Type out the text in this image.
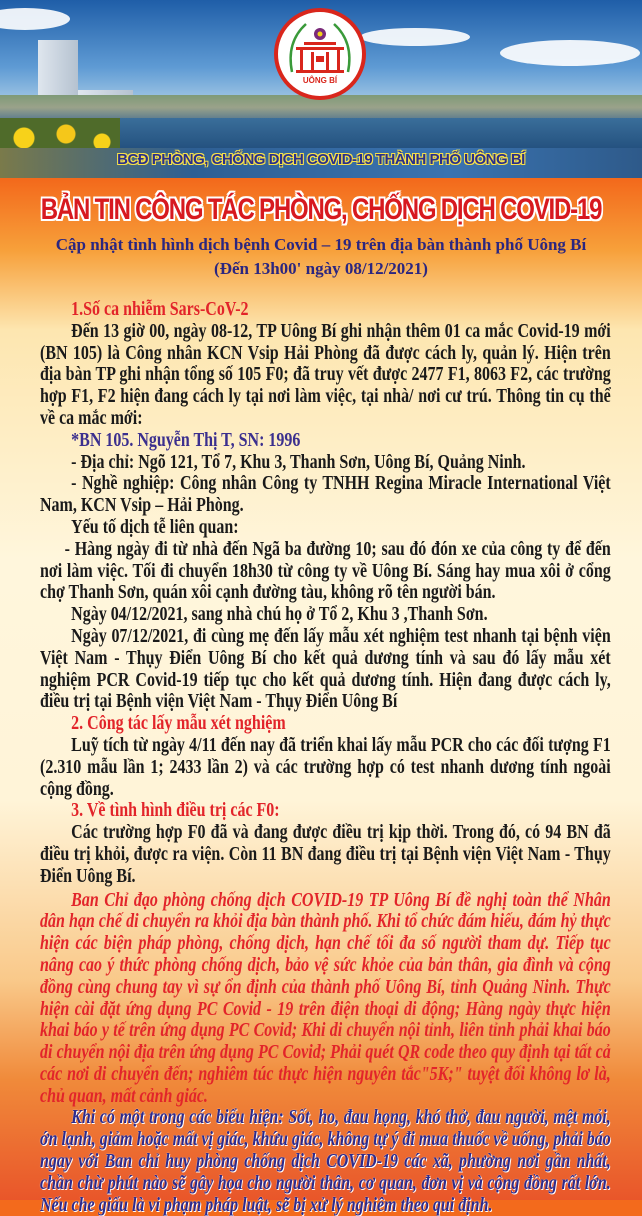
UÔNG BÍ
BCĐ PHÒNG, CHỐNG DỊCH COVID-19 THÀNH PHỐ UÔNG BÍ
BẢN TIN CÔNG TÁC PHÒNG, CHỐNG DỊCH COVID-19
Cập nhật tình hình dịch bệnh Covid – 19 trên địa bàn thành phố Uông Bí
(Đến 13h00' ngày 08/12/2021)

1.Số ca nhiễm Sars-CoV-2

Đến 13 giờ 00, ngày 08-12, TP Uông Bí ghi nhận thêm 01 ca mắc Covid-19 mới (BN 105) là Công nhân KCN Vsip Hải Phòng đã được cách ly, quản lý. Hiện trên địa bàn TP ghi nhận tổng số 105 F0; đã truy vết được 2477 F1, 8063 F2, các trường hợp F1, F2 hiện đang cách ly tại nơi làm việc, tại nhà/ nơi cư trú. Thông tin cụ thể về ca mắc mới:

*BN 105. Nguyễn Thị T, SN: 1996

- Địa chỉ: Ngõ 121, Tổ 7, Khu 3, Thanh Sơn, Uông Bí, Quảng Ninh.

- Nghề nghiệp: Công nhân Công ty TNHH Regina Miracle International Việt Nam, KCN Vsip – Hải Phòng.

Yếu tố dịch tễ liên quan:

- Hàng ngày đi từ nhà đến Ngã ba đường 10; sau đó đón xe của công ty để đến nơi làm việc. Tối đi chuyển 18h30 từ công ty về Uông Bí. Sáng hay mua xôi ở cổng chợ Thanh Sơn, quán xôi cạnh đường tàu, không rõ tên người bán.

Ngày 04/12/2021, sang nhà chú họ ở Tổ 2, Khu 3 ,Thanh Sơn.

Ngày 07/12/2021, đi cùng mẹ đến lấy mẫu xét nghiệm test nhanh tại bệnh viện Việt Nam - Thụy Điển Uông Bí cho kết quả dương tính và sau đó lấy mẫu xét nghiệm PCR Covid-19 tiếp tục cho kết quả dương tính. Hiện đang được cách ly, điều trị tại Bệnh viện Việt Nam - Thụy Điển Uông Bí

2. Công tác lấy mẫu xét nghiệm

Luỹ tích từ ngày 4/11 đến nay đã triển khai lấy mẫu PCR cho các đối tượng F1 (2.310 mẫu lần 1; 2433 lần 2) và các trường hợp có test nhanh dương tính ngoài cộng đồng.

3. Về tình hình điều trị các F0:

Các trường hợp F0 đã và đang được điều trị kịp thời. Trong đó, có 94 BN đã điều trị khỏi, được ra viện. Còn 11 BN đang điều trị tại Bệnh viện Việt Nam - Thụy Điển Uông Bí.

Ban Chỉ đạo phòng chống dịch COVID-19 TP Uông Bí đề nghị toàn thể Nhân dân hạn chế di chuyển ra khỏi địa bàn thành phố. Khi tổ chức đám hiếu, đám hỷ thực hiện các biện pháp phòng, chống dịch, hạn chế tối đa số người tham dự. Tiếp tục nâng cao ý thức phòng chống dịch, bảo vệ sức khỏe của bản thân, gia đình và cộng đồng cùng chung tay vì sự ổn định của thành phố Uông Bí, tỉnh Quảng Ninh. Thực hiện cài đặt ứng dụng PC Covid - 19 trên điện thoại di động; Hàng ngày thực hiện khai báo y tế trên ứng dụng PC Covid; Khi di chuyển nội tỉnh, liên tỉnh phải khai báo di chuyển nội địa trên ứng dụng PC Covid; Phải quét QR code theo quy định tại tất cả các nơi di chuyển đến; nghiêm túc thực hiện nguyên tắc"5K;" tuyệt đối không lơ là, chủ quan, mất cảnh giác.

Khi có một trong các biểu hiện: Sốt, ho, đau họng, khó thở, đau người, mệt mỏi, ớn lạnh, giảm hoặc mất vị giác, khứu giác, không tự ý đi mua thuốc về uống, phải báo ngay với Ban chỉ huy phòng chống dịch COVID-19 các xã, phường nơi gần nhất, chần chừ phút nào sẽ gây họa cho người thân, cơ quan, đơn vị và cộng đồng rất lớn. Nếu che giấu là vi phạm pháp luật, sẽ bị xử lý nghiêm theo qui định.
